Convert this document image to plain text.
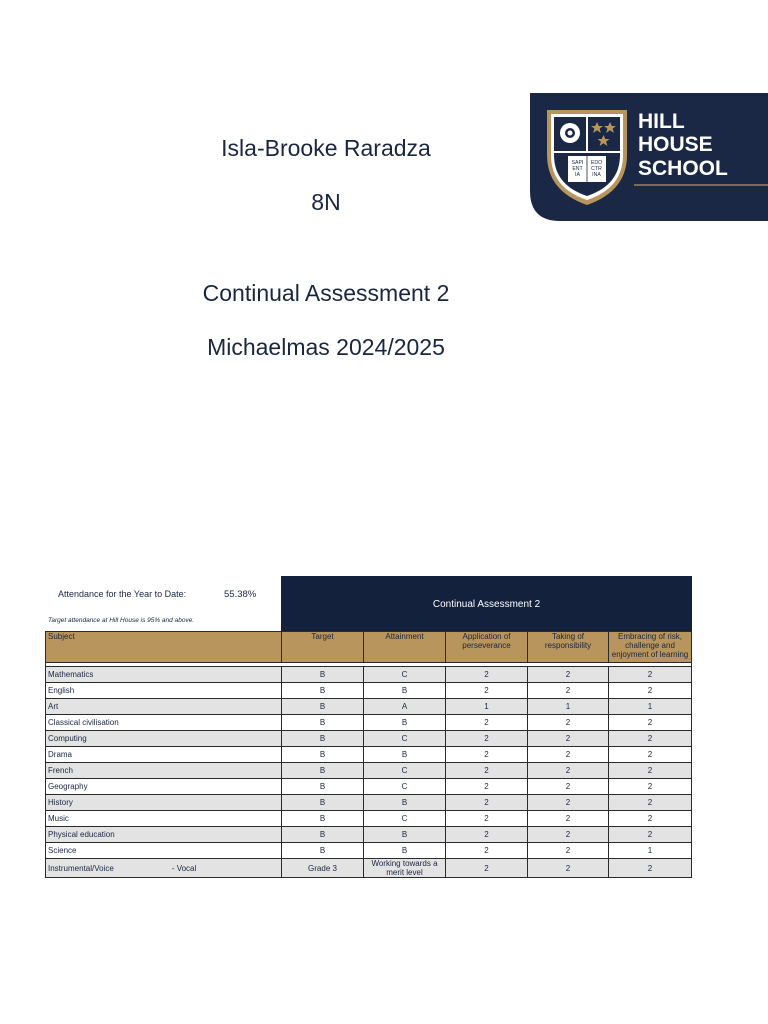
Isla-Brooke Raradza
8N
Continual Assessment 2
Michaelmas 2024/2025
SAPI
ENT
IA
EDO
CTR
INA
HILL
HOUSE
SCHOOL
Attendance for the Year to Date:	55.38%
Target attendance at Hill House is 95% and above.
Continual Assessment 2
Subject	Target	Attainment	Application of perseverance	Taking of responsibility	Embracing of risk, challenge and enjoyment of learning

Mathematics	B	C	2	2	2
English	B	B	2	2	2
Art	B	A	1	1	1
Classical civilisation	B	B	2	2	2
Computing	B	C	2	2	2
Drama	B	B	2	2	2
French	B	C	2	2	2
Geography	B	C	2	2	2
History	B	B	2	2	2
Music	B	C	2	2	2
Physical education	B	B	2	2	2
Science	B	B	2	2	1
Instrumental/Voice - Vocal	Grade 3	Working towards a merit level	2	2	2
